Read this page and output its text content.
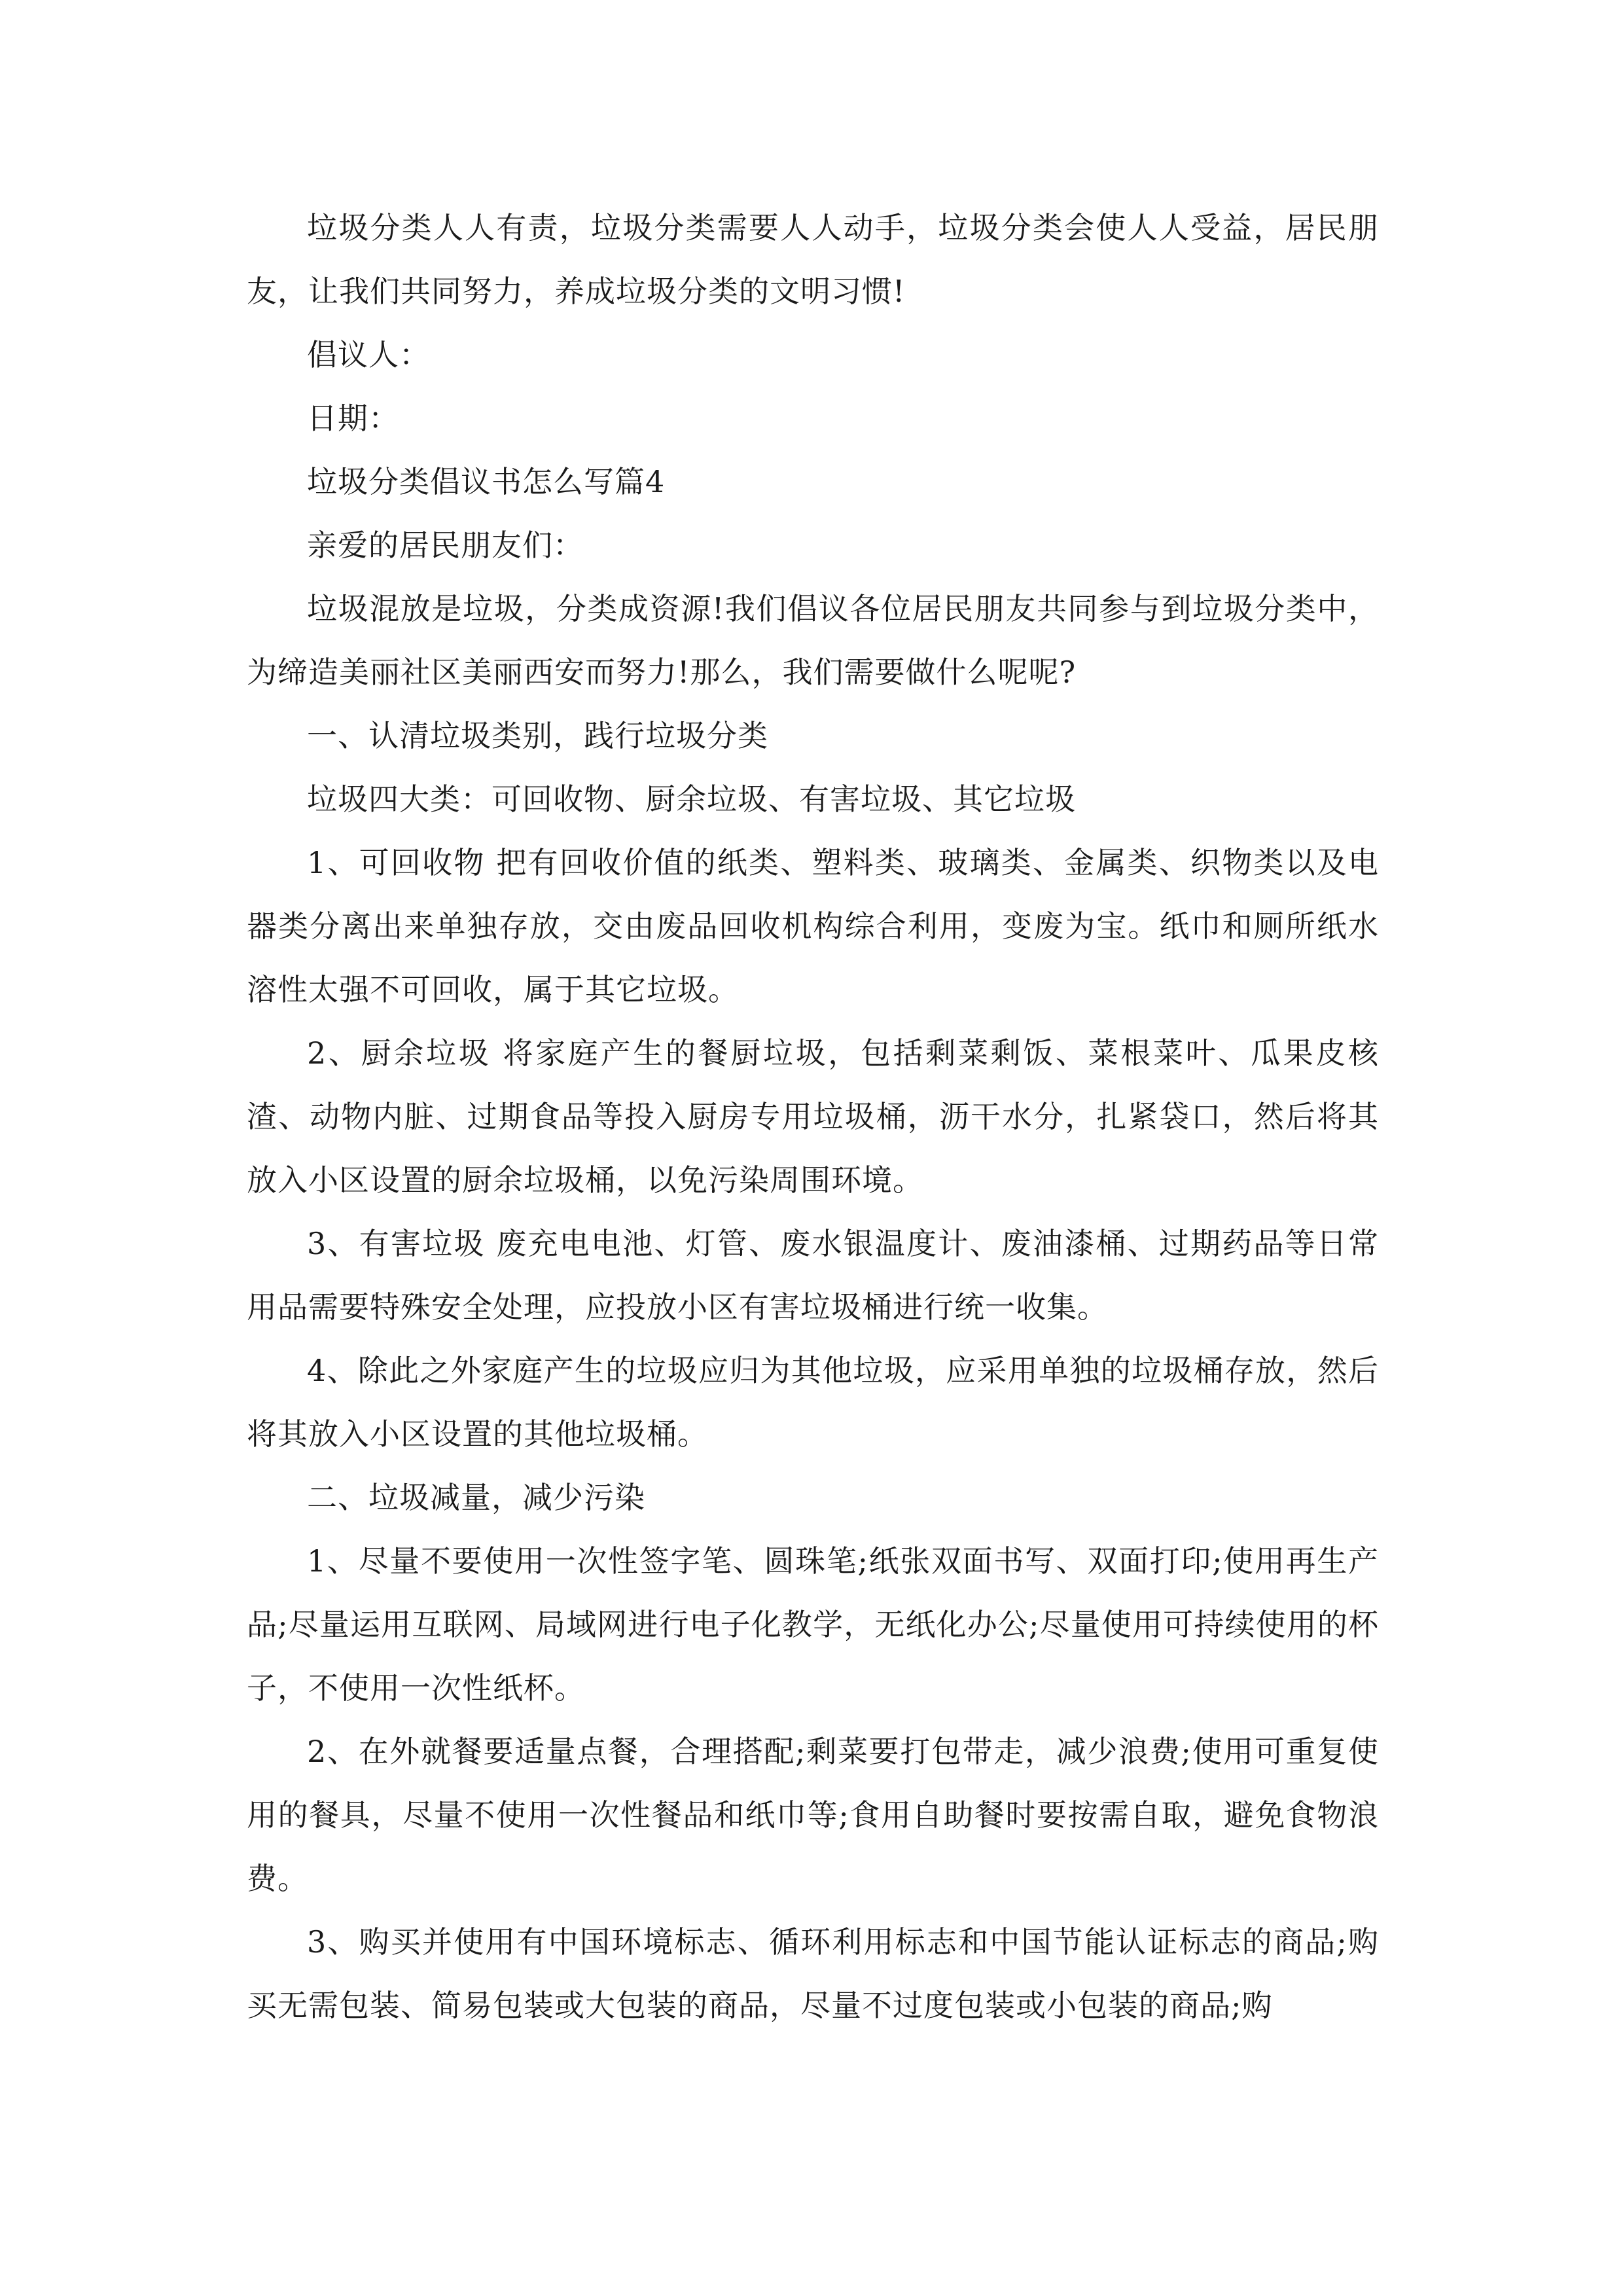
垃圾分类人人有责，垃圾分类需要人人动手，垃圾分类会使人人受益，居民朋友，让我们共同努力，养成垃圾分类的文明习惯!

倡议人：

日期：

垃圾分类倡议书怎么写篇4

亲爱的居民朋友们：

垃圾混放是垃圾，分类成资源!我们倡议各位居民朋友共同参与到垃圾分类中，为缔造美丽社区美丽西安而努力!那么，我们需要做什么呢呢?

一、认清垃圾类别，践行垃圾分类

垃圾四大类：可回收物、厨余垃圾、有害垃圾、其它垃圾

1、可回收物 把有回收价值的纸类、塑料类、玻璃类、金属类、织物类以及电器类分离出来单独存放，交由废品回收机构综合利用，变废为宝。纸巾和厕所纸水溶性太强不可回收，属于其它垃圾。

2、厨余垃圾 将家庭产生的餐厨垃圾，包括剩菜剩饭、菜根菜叶、瓜果皮核渣、动物内脏、过期食品等投入厨房专用垃圾桶，沥干水分，扎紧袋口，然后将其放入小区设置的厨余垃圾桶，以免污染周围环境。

3、有害垃圾 废充电电池、灯管、废水银温度计、废油漆桶、过期药品等日常用品需要特殊安全处理，应投放小区有害垃圾桶进行统一收集。

4、除此之外家庭产生的垃圾应归为其他垃圾，应采用单独的垃圾桶存放，然后将其放入小区设置的其他垃圾桶。

二、垃圾减量，减少污染

1、尽量不要使用一次性签字笔、圆珠笔;纸张双面书写、双面打印;使用再生产品;尽量运用互联网、局域网进行电子化教学，无纸化办公;尽量使用可持续使用的杯子，不使用一次性纸杯。

2、在外就餐要适量点餐，合理搭配;剩菜要打包带走，减少浪费;使用可重复使用的餐具，尽量不使用一次性餐品和纸巾等;食用自助餐时要按需自取，避免食物浪费。

3、购买并使用有中国环境标志、循环利用标志和中国节能认证标志的商品;购买无需包装、简易包装或大包装的商品，尽量不过度包装或小包装的商品;购
